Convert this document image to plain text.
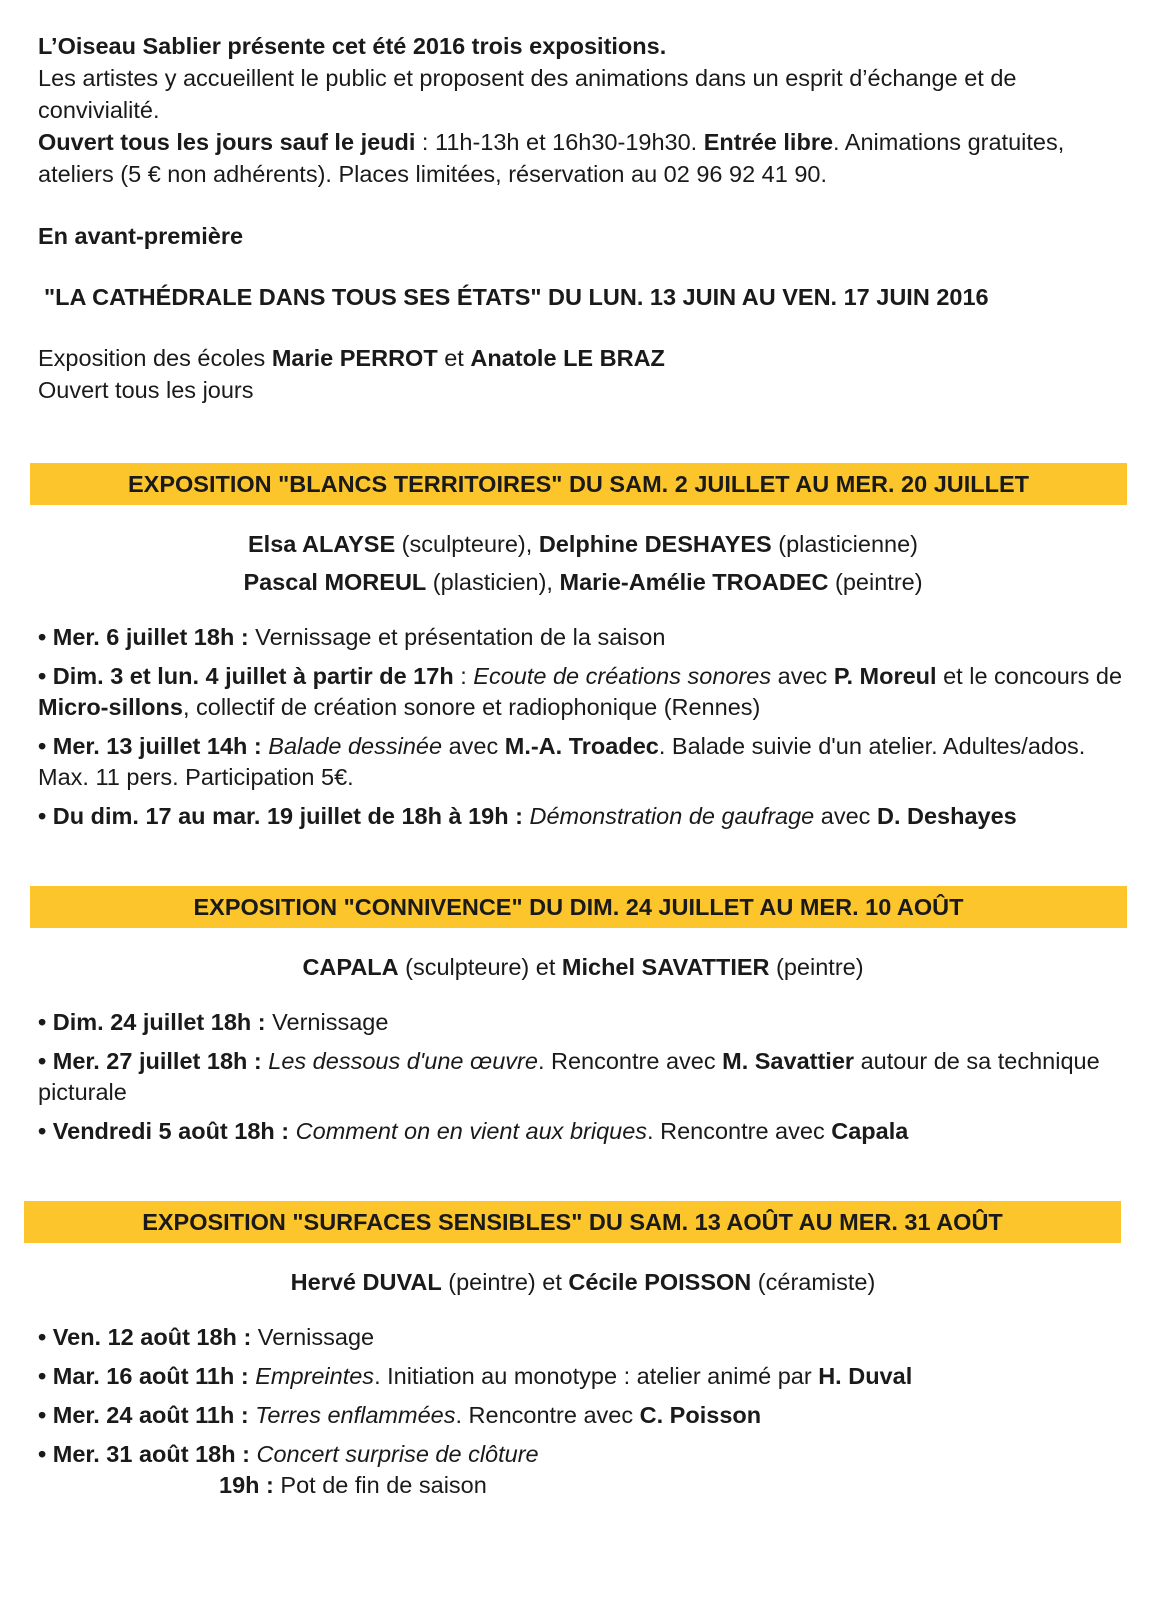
L’Oiseau Sablier présente cet été 2016 trois expositions.

Les artistes y accueillent le public et proposent des animations dans un esprit d’échange et de convivialité.

Ouvert tous les jours sauf le jeudi : 11h-13h et 16h30-19h30. Entrée libre. Animations gratuites, ateliers (5 € non adhérents). Places limitées, réservation au 02 96 92 41 90.

En avant-première

"LA CATHÉDRALE DANS TOUS SES ÉTATS" DU LUN. 13 JUIN AU VEN. 17 JUIN 2016

Exposition des écoles Marie PERROT et Anatole LE BRAZ

Ouvert tous les jours

EXPOSITION "BLANCS TERRITOIRES" DU SAM. 2 JUILLET AU MER. 20 JUILLET

Elsa ALAYSE (sculpteure), Delphine DESHAYES (plasticienne)

Pascal MOREUL (plasticien), Marie-Amélie TROADEC (peintre)

• Mer. 6 juillet 18h : Vernissage et présentation de la saison

• Dim. 3 et lun. 4 juillet à partir de 17h : Ecoute de créations sonores avec P. Moreul et le concours de Micro-sillons, collectif de création sonore et radiophonique (Rennes)

• Mer. 13 juillet 14h : Balade dessinée avec M.-A. Troadec. Balade suivie d'un atelier. Adultes/ados. Max. 11 pers. Participation 5€.

• Du dim. 17 au mar. 19 juillet de 18h à 19h : Démonstration de gaufrage avec D. Deshayes

EXPOSITION "CONNIVENCE" DU DIM. 24 JUILLET AU MER. 10 AOÛT

CAPALA (sculpteure) et Michel SAVATTIER (peintre)

• Dim. 24 juillet 18h : Vernissage

• Mer. 27 juillet 18h : Les dessous d'une œuvre. Rencontre avec M. Savattier autour de sa technique picturale

• Vendredi 5 août 18h : Comment on en vient aux briques. Rencontre avec Capala

EXPOSITION "SURFACES SENSIBLES" DU SAM. 13 AOÛT AU MER. 31 AOÛT

Hervé DUVAL (peintre) et Cécile POISSON (céramiste)

• Ven. 12 août 18h : Vernissage

• Mar. 16 août 11h : Empreintes. Initiation au monotype : atelier animé par H. Duval

• Mer. 24 août 11h : Terres enflammées. Rencontre avec C. Poisson

• Mer. 31 août 18h : Concert surprise de clôture

19h : Pot de fin de saison
